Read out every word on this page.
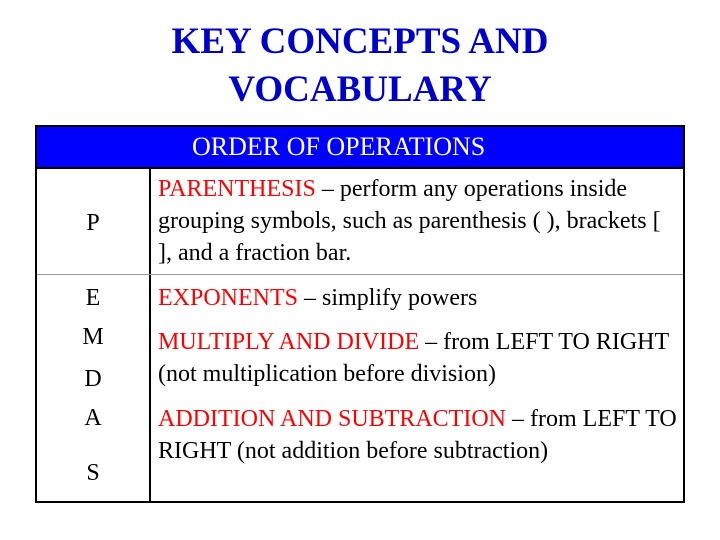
KEY CONCEPTS AND
VOCABULARY
ORDER OF OPERATIONS
P
E
M
D
A
S
PARENTHESIS – perform any operations inside grouping symbols, such as parenthesis ( ), brackets [ ], and a fraction bar.
EXPONENTS – simplify powers
MULTIPLY AND DIVIDE – from LEFT TO RIGHT (not multiplication before division)
ADDITION AND SUBTRACTION – from LEFT TO RIGHT (not addition before subtraction)
